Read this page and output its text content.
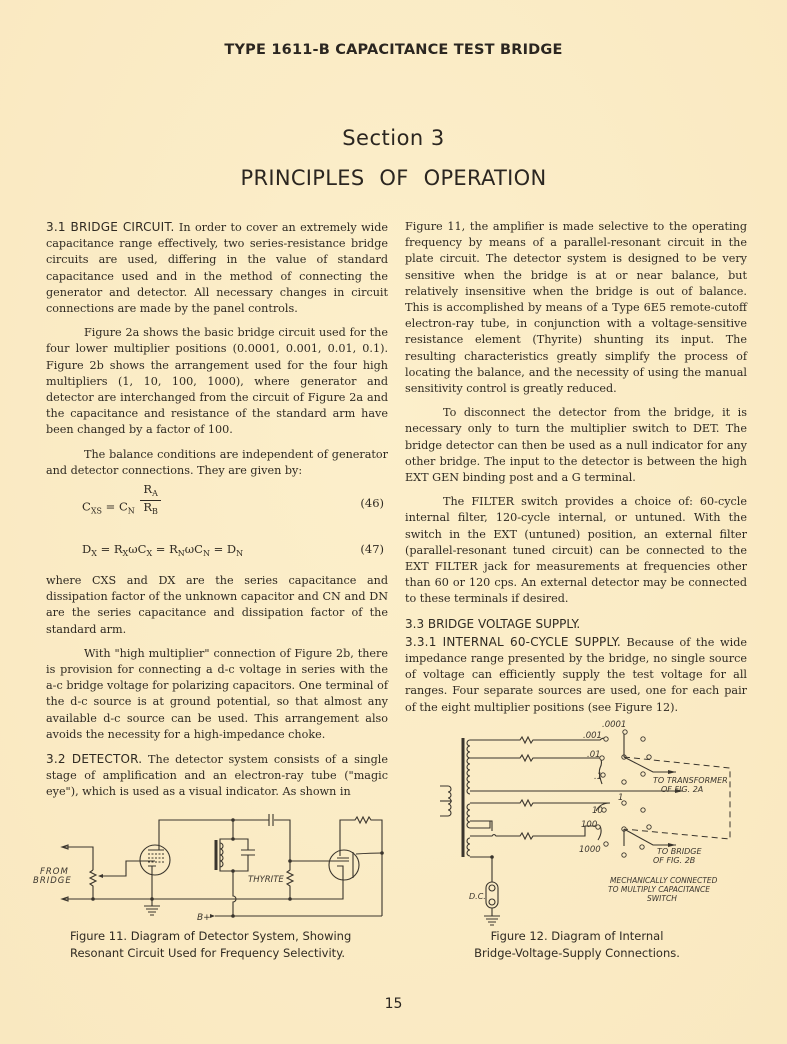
TYPE 1611-B CAPACITANCE TEST BRIDGE
Section 3
PRINCIPLES OF OPERATION

3.1 BRIDGE CIRCUIT. In order to cover an extremely wide capacitance range effectively, two series-resistance bridge circuits are used, differing in the value of standard capacitance used and in the method of connecting the generator and detector. All necessary changes in circuit connections are made by the panel controls.

Figure 2a shows the basic bridge circuit used for the four lower multiplier positions (0.0001, 0.001, 0.01, 0.1). Figure 2b shows the arrangement used for the four high multipliers (1, 10, 100, 1000), where generator and detector are interchanged from the circuit of Figure 2a and the capacitance and resistance of the standard arm have been changed by a factor of 100.

The balance conditions are independent of generator and detector connections. They are given by:

$C_{XS} = C_N \frac{R_A}{R_B}$	(46)
$D_X = R_X\omega C_X = R_N\omega C_N = D_N$	(47)

where CXS and DX are the series capacitance and dissipation factor of the unknown capacitor and CN and DN are the series capacitance and dissipation factor of the standard arm.

With "high multiplier" connection of Figure 2b, there is provision for connecting a d-c voltage in series with the a-c bridge voltage for polarizing capacitors. One terminal of the d-c source is at ground potential, so that almost any available d-c source can be used. This arrangement also avoids the necessity for a high-impedance choke.

3.2 DETECTOR. The detector system consists of a single stage of amplification and an electron-ray tube ("magic eye"), which is used as a visual indicator. As shown in

Figure 11, the amplifier is made selective to the operating frequency by means of a parallel-resonant circuit in the plate circuit. The detector system is designed to be very sensitive when the bridge is at or near balance, but relatively insensitive when the bridge is out of balance. This is accomplished by means of a Type 6E5 remote-cutoff electron-ray tube, in conjunction with a voltage-sensitive resistance element (Thyrite) shunting its input. The resulting characteristics greatly simplify the process of locating the balance, and the necessity of using the manual sensitivity control is greatly reduced.

To disconnect the detector from the bridge, it is necessary only to turn the multiplier switch to DET. The bridge detector can then be used as a null indicator for any other bridge. The input to the detector is between the high EXT GEN binding post and a G terminal.

The FILTER switch provides a choice of: 60-cycle internal filter, 120-cycle internal, or untuned. With the switch in the EXT (untuned) position, an external filter (parallel-resonant tuned circuit) can be connected to the EXT FILTER jack for measurements at frequencies other than 60 or 120 cps. An external detector may be connected to these terminals if desired.

3.3 BRIDGE VOLTAGE SUPPLY.

3.3.1 INTERNAL 60-CYCLE SUPPLY. Because of the wide impedance range presented by the bridge, no single source of voltage can efficiently supply the test voltage for all ranges. Four separate sources are used, one for each pair of the eight multiplier positions (see Figure 12).

THYRITE
FROM
BRIDGE
B+
Figure 11. Diagram of Detector System, Showing
Resonant Circuit Used for Frequency Selectivity.
.0001
.001
.01
.1
1
10
100
1000
TO TRANSFORMER
OF FIG. 2A
TO BRIDGE
OF FIG. 2B
MECHANICALLY CONNECTED
TO MULTIPLY CAPACITANCE
SWITCH
D.C.
Figure 12. Diagram of Internal
Bridge-Voltage-Supply Connections.
15
